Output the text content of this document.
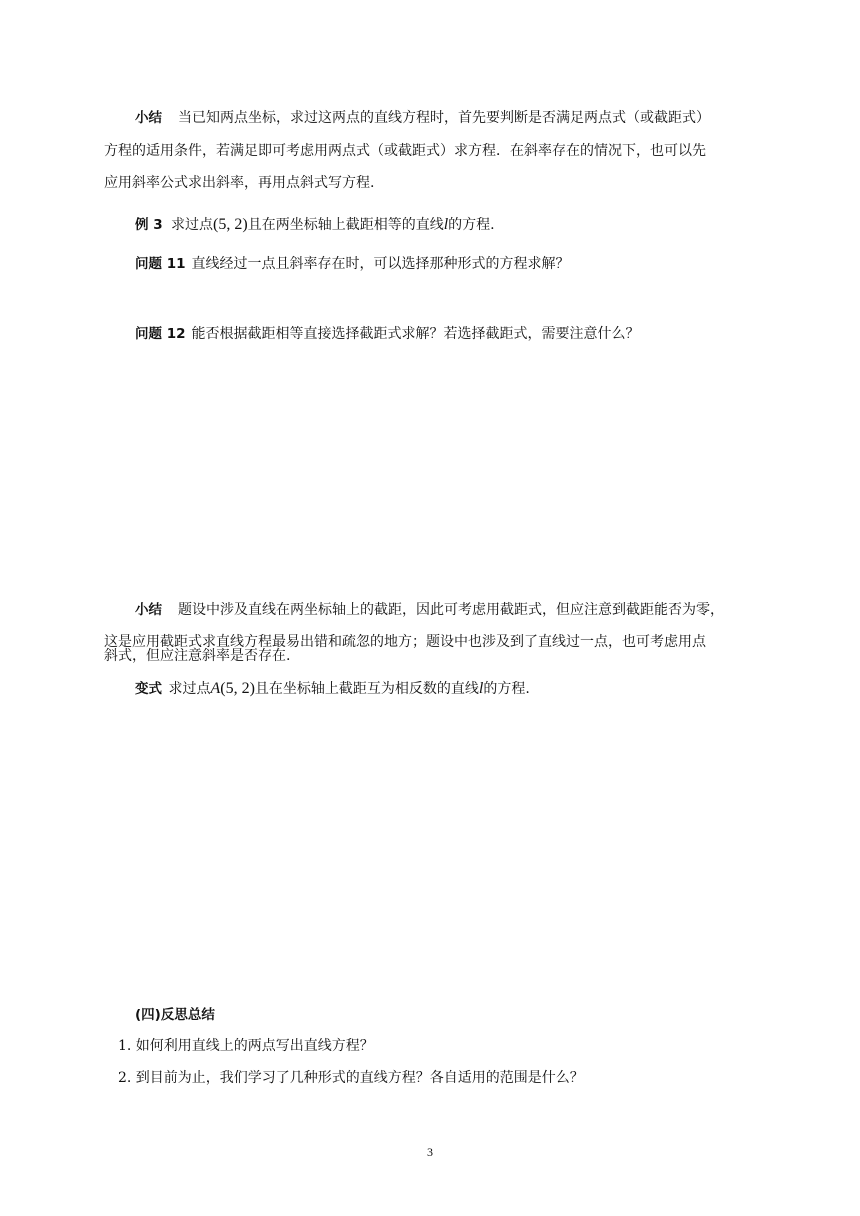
小结 当已知两点坐标，求过这两点的直线方程时，首先要判断是否满足两点式（或截距式）
方程的适用条件，若满足即可考虑用两点式（或截距式）求方程．在斜率存在的情况下，也可以先
应用斜率公式求出斜率，再用点斜式写方程.
例 3 求过点(5, 2)且在两坐标轴上截距相等的直线l的方程.
问题 11 直线经过一点且斜率存在时，可以选择那种形式的方程求解？
问题 12 能否根据截距相等直接选择截距式求解？若选择截距式，需要注意什么？
小结 题设中涉及直线在两坐标轴上的截距，因此可考虑用截距式，但应注意到截距能否为零，
这是应用截距式求直线方程最易出错和疏忽的地方；题设中也涉及到了直线过一点，也可考虑用点
斜式，但应注意斜率是否存在.
变式 求过点A(5, 2)且在坐标轴上截距互为相反数的直线l的方程.
(四)反思总结
1. 如何利用直线上的两点写出直线方程？
2. 到目前为止，我们学习了几种形式的直线方程？各自适用的范围是什么？
3
